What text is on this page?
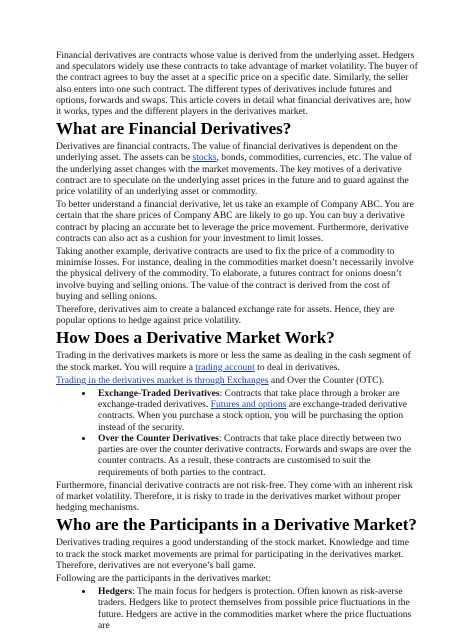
Financial derivatives are contracts whose value is derived from the underlying asset. Hedgers and speculators widely use these contracts to take advantage of market volatility. The buyer of the contract agrees to buy the asset at a specific price on a specific date. Similarly, the seller also enters into one such contract. The different types of derivatives include futures and options, forwards and swaps. This article covers in detail what financial derivatives are, how it works, types and the different players in the derivatives market.

What are Financial Derivatives?

Derivatives are financial contracts. The value of financial derivatives is dependent on the underlying asset. The assets can be stocks, bonds, commodities, currencies, etc. The value of the underlying asset changes with the market movements. The key motives of a derivative contract are to speculate on the underlying asset prices in the future and to guard against the price volatility of an underlying asset or commodity.

To better understand a financial derivative, let us take an example of Company ABC. You are certain that the share prices of Company ABC are likely to go up. You can buy a derivative contract by placing an accurate bet to leverage the price movement. Furthermore, derivative contracts can also act as a cushion for your investment to limit losses.

Taking another example, derivative contracts are used to fix the price of a commodity to minimise losses. For instance, dealing in the commodities market doesn’t necessarily involve the physical delivery of the commodity. To elaborate, a futures contract for onions doesn’t involve buying and selling onions. The value of the contract is derived from the cost of buying and selling onions.

Therefore, derivatives aim to create a balanced exchange rate for assets. Hence, they are popular options to hedge against price volatility.

How Does a Derivative Market Work?

Trading in the derivatives markets is more or less the same as dealing in the cash segment of the stock market. You will require a trading account to deal in derivatives.

Trading in the derivatives market is through Exchanges and Over the Counter (OTC).

• Exchange-Traded Derivatives: Contracts that take place through a broker are exchange-traded derivatives. Futures and options are exchange-traded derivative contracts. When you purchase a stock option, you will be purchasing the option instead of the security.
• Over the Counter Derivatives: Contracts that take place directly between two parties are over the counter derivative contracts. Forwards and swaps are over the counter contracts. As a result, these contracts are customised to suit the requirements of both parties to the contract.

Furthermore, financial derivative contracts are not risk-free. They come with an inherent risk of market volatility. Therefore, it is risky to trade in the derivatives market without proper hedging mechanisms.

Who are the Participants in a Derivative Market?

Derivatives trading requires a good understanding of the stock market. Knowledge and time to track the stock market movements are primal for participating in the derivatives market. Therefore, derivatives are not everyone’s ball game.

Following are the participants in the derivatives market:

• Hedgers: The main focus for hedgers is protection. Often known as risk-averse traders. Hedgers like to protect themselves from possible price fluctuations in the future. Hedgers are active in the commodities market where the price fluctuations are
